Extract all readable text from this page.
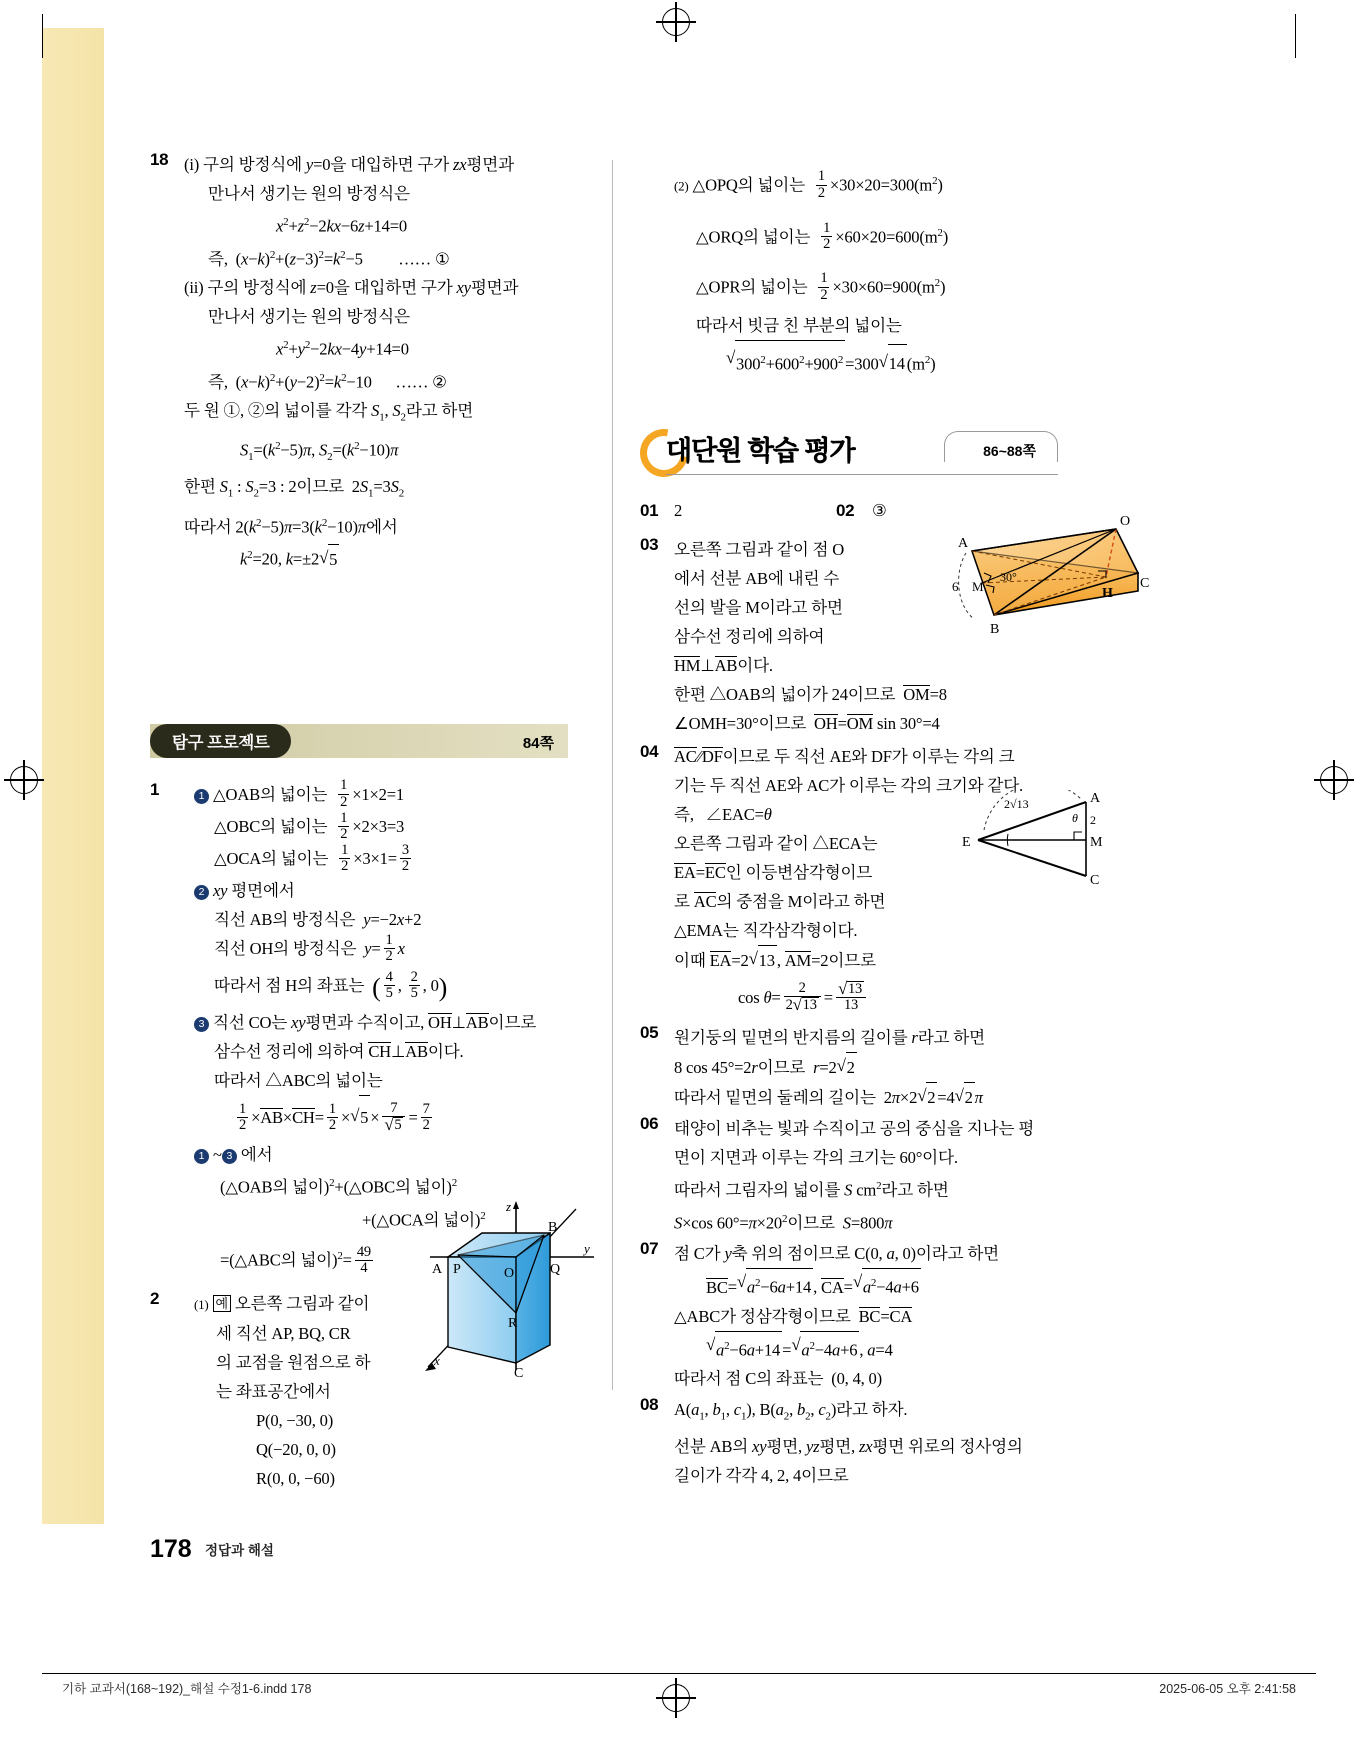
18 (i) 구의 방정식에 y=0을 대입하면 구가 zx평면과
만나서 생기는 원의 방정식은
$x^2+z^2-2kx-6z+14=0$
즉,  $(x-k)^2+(z-3)^2=k^2-5$         …… ①
(ii) 구의 방정식에 z=0을 대입하면 구가 xy평면과
만나서 생기는 원의 방정식은
$x^2+y^2-2kx-4y+14=0$
즉,  $(x-k)^2+(y-2)^2=k^2-10$      …… ②
두 원 ①, ②의 넓이를 각각 $S_1$, $S_2$라고 하면
$S_1=(k^2-5)\pi$, $S_2=(k^2-10)\pi$
한편 $S_1$ : $S_2=3$ : 2이므로  $2S_1=3S_2$
따라서 $2(k^2-5)\pi=3(k^2-10)\pi$에서
$k^2=20$, k=±2 √ 5
탐구 프로젝트	84쪽
1	1 △OAB의 넓이는 $\frac{1}{2} \times 1\times 2=1$
△OBC의 넓이는 $\frac{1}{2} \times 2\times 3=3$
△OCA의 넓이는 $\frac{1}{2} \times 3\times 1= \frac{3}{2}$
2 xy 평면에서
직선 AB의 방정식은  y=−2x+2
직선 OH의 방정식은  $y= \frac{1}{2}$ x
따라서 점 H의 좌표는  ( $\frac{4}{5}$ , $\frac{2}{5}$ , 0)
3 직선 CO는 xy평면과 수직이고, OH⊥AB이므로
삼수선 정리에 의하여 CH⊥AB이다.
따라서 △ABC의 넓이는
$\frac{1}{2} \times AB\times CH= \frac{1}{2}$ × √ 5 × 7
√ $5 = \frac{7}{2}$
1 ~ 3 에서
(△OAB의 넓이)$^2$+(△OBC의 넓이)$^2$
+(△OCA의 넓이)$^2$
=(△ABC의 넓이)$^2= \frac{49}{4}$
2	(1) 예 오른쪽 그림과 같이
세 직선 AP, BQ, CR
의 교점을 원점으로 하
는 좌표공간에서
P(0, −30, 0)
Q(−20, 0, 0)
R(0, 0, −60)
A P
B
Q
O
R
C
z
y
x
(2) △OPQ의 넓이는 $\frac{1}{2} \times 30\times 20=300(m^2)$
△ORQ의 넓이는 $\frac{1}{2} \times 60\times 20=600(m^2)$
△OPR의 넓이는 $\frac{1}{2} \times 30\times 60=900(m^2)$
따라서 빗금 친 부분의 넓이는
√ $300^2+600^2+900^2 =300$ √ 14 $(m^2)$
대단원 학습 평가	86~88쪽
01 2	02 ③
03 오른쪽 그림과 같이 점 O
에서 선분 AB에 내린 수
선의 발을 M이라고 하면
삼수선 정리에 의하여
HM⊥AB이다.
한편 △OAB의 넓이가 24이므로  OM=8
∠OMH=30°이므로  OH=OM sin 30°=4
04 AC∕∕DF이므로 두 직선 AE와 DF가 이루는 각의 크
기는 두 직선 AE와 AC가 이루는 각의 크기와 같다.
즉,   ∠EAC=θ
오른쪽 그림과 같이 △ECA는
EA=EC인 이등변삼각형이므
로 AC의 중점을 M이라고 하면
△EMA는 직각삼각형이다.
이때 EA=2 √ 13 , AM=2이므로
$\cos \theta= \frac{2}{2 √ 13}$ = √ $\frac{13}{13}$
05 원기둥의 밑면의 반지름의 길이를 r라고 하면
8 cos 45°=2r이므로  r=2 √ 2
따라서 밑면의 둘레의 길이는  2π×2 √ 2 =4 √ 2 π
06 태양이 비추는 빛과 수직이고 공의 중심을 지나는 평
면이 지면과 이루는 각의 크기는 60°이다.
따라서 그림자의 넓이를 S $cm^2$라고 하면
S×cos $60^\circ=\pi\times 20^2$이므로  S=800π
07 점 C가 y축 위의 점이므로 C(0, a, 0)이라고 하면
BC= √ $a^2-6a+14$ , CA= √ $a^2-4a+6$
△ABC가 정삼각형이므로  BC=CA
√ $a^2-6a+14$ = √ $a^2-4a+6$ , a=4
따라서 점 C의 좌표는  (0, 4, 0)
08 $A(a_1$, $b_1$, $c_1$), $B(a_2$, $b_2$, $c_2$)라고 하자.
선분 AB의 xy평면, yz평면, zx평면 위로의 정사영의
길이가 각각 4, 2, 4이므로
O
A
C
B
H
M
6
30°
E
A
M
C
2
θ
2√13
178 정답과 해설
기하 교과서(168~192)_해설 수정1-6.indd 178	2025-06-05 오후 2:41:58
